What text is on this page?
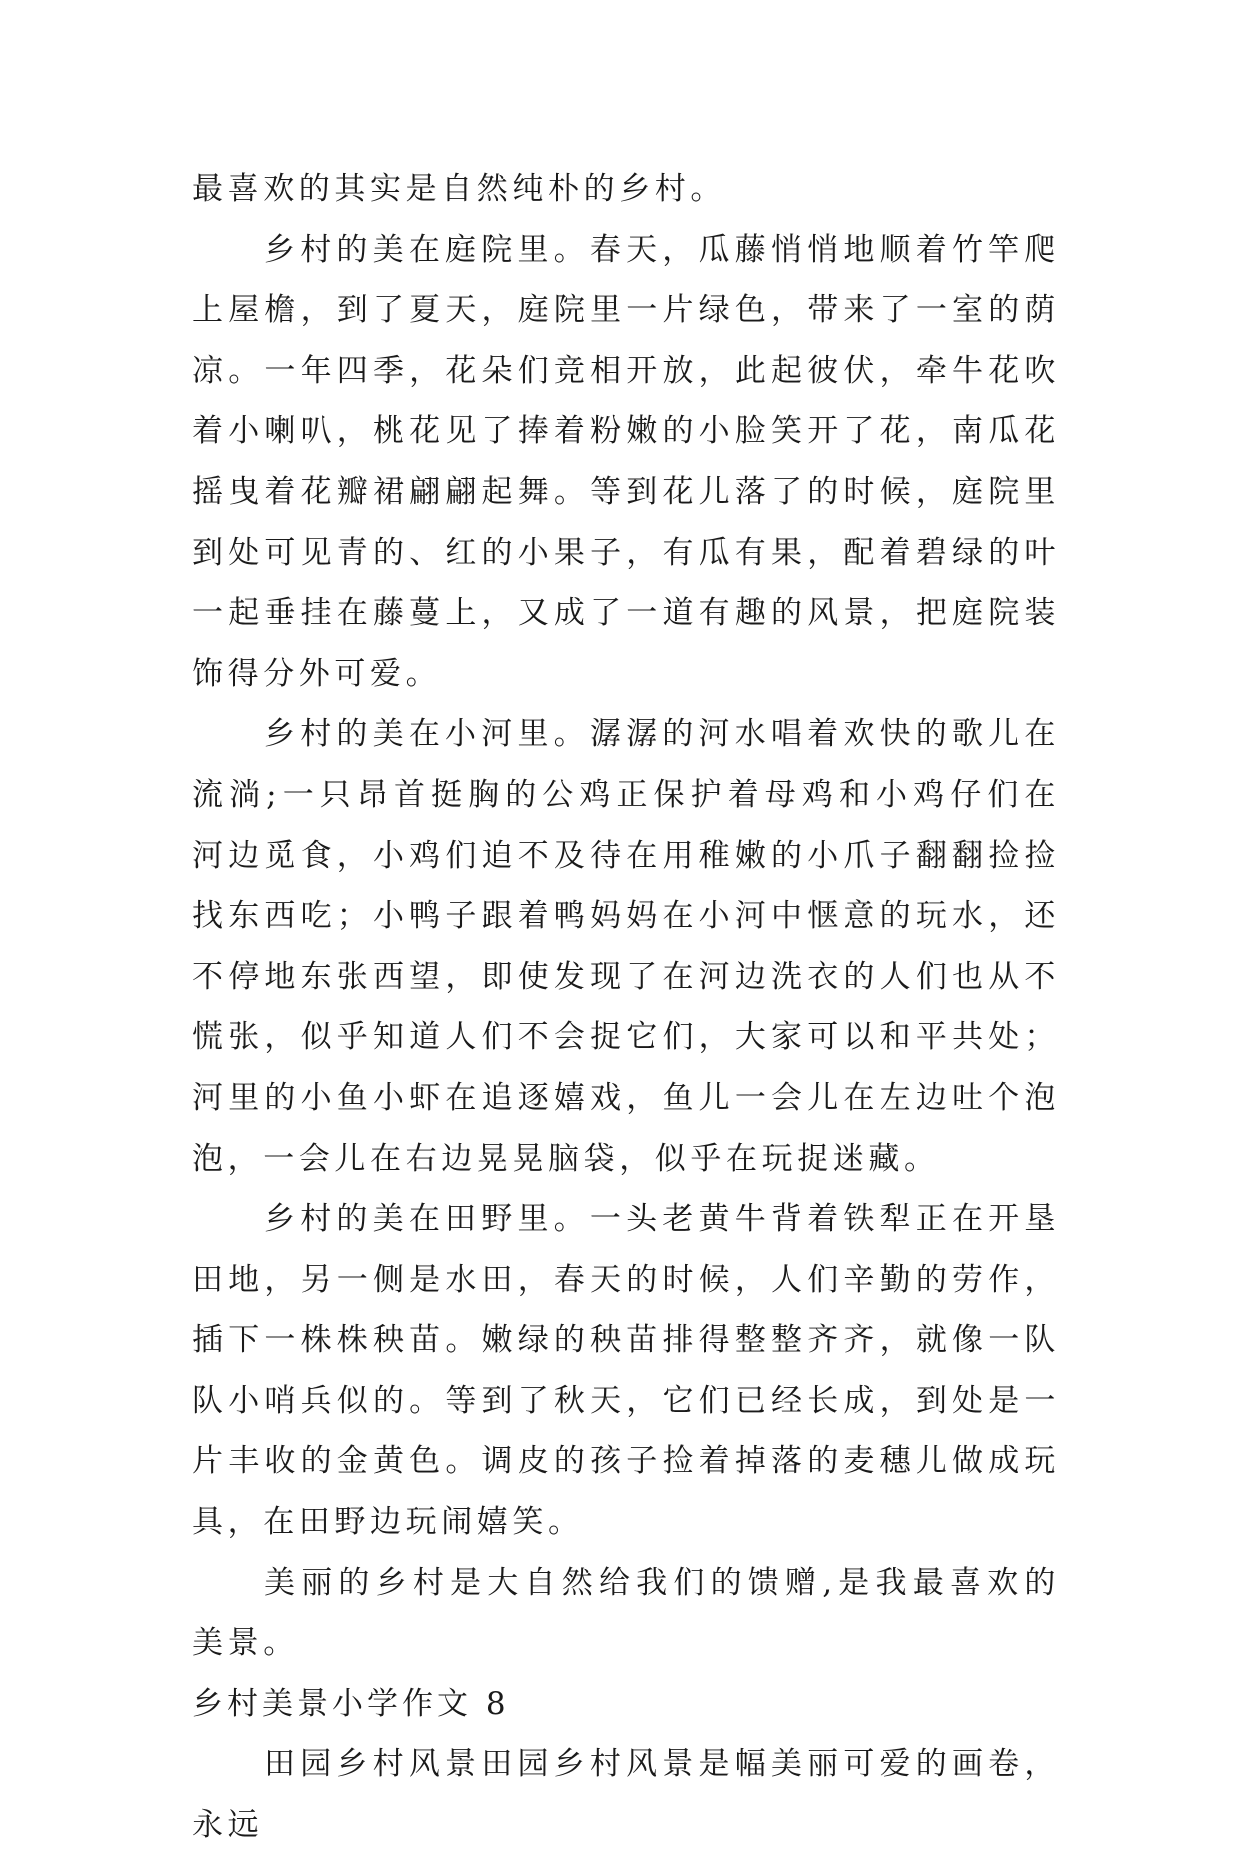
最喜欢的其实是自然纯朴的乡村。

乡村的美在庭院里。春天，瓜藤悄悄地顺着竹竿爬上屋檐，到了夏天，庭院里一片绿色，带来了一室的荫凉。一年四季，花朵们竞相开放，此起彼伏，牵牛花吹着小喇叭，桃花见了捧着粉嫩的小脸笑开了花，南瓜花摇曳着花瓣裙翩翩起舞。等到花儿落了的时候，庭院里到处可见青的、红的小果子，有瓜有果，配着碧绿的叶一起垂挂在藤蔓上，又成了一道有趣的风景，把庭院装饰得分外可爱。

乡村的美在小河里。潺潺的河水唱着欢快的歌儿在流淌;一只昂首挺胸的公鸡正保护着母鸡和小鸡仔们在河边觅食，小鸡们迫不及待在用稚嫩的小爪子翻翻捡捡找东西吃；小鸭子跟着鸭妈妈在小河中惬意的玩水，还不停地东张西望，即使发现了在河边洗衣的人们也从不慌张，似乎知道人们不会捉它们，大家可以和平共处；河里的小鱼小虾在追逐嬉戏，鱼儿一会儿在左边吐个泡泡，一会儿在右边晃晃脑袋，似乎在玩捉迷藏。

乡村的美在田野里。一头老黄牛背着铁犁正在开垦田地，另一侧是水田，春天的时候，人们辛勤的劳作，插下一株株秧苗。嫩绿的秧苗排得整整齐齐，就像一队队小哨兵似的。等到了秋天，它们已经长成，到处是一片丰收的金黄色。调皮的孩子捡着掉落的麦穗儿做成玩具，在田野边玩闹嬉笑。

美丽的乡村是大自然给我们的馈赠,是我最喜欢的美景。

乡村美景小学作文 8

田园乡村风景田园乡村风景是幅美丽可爱的画卷，永远
